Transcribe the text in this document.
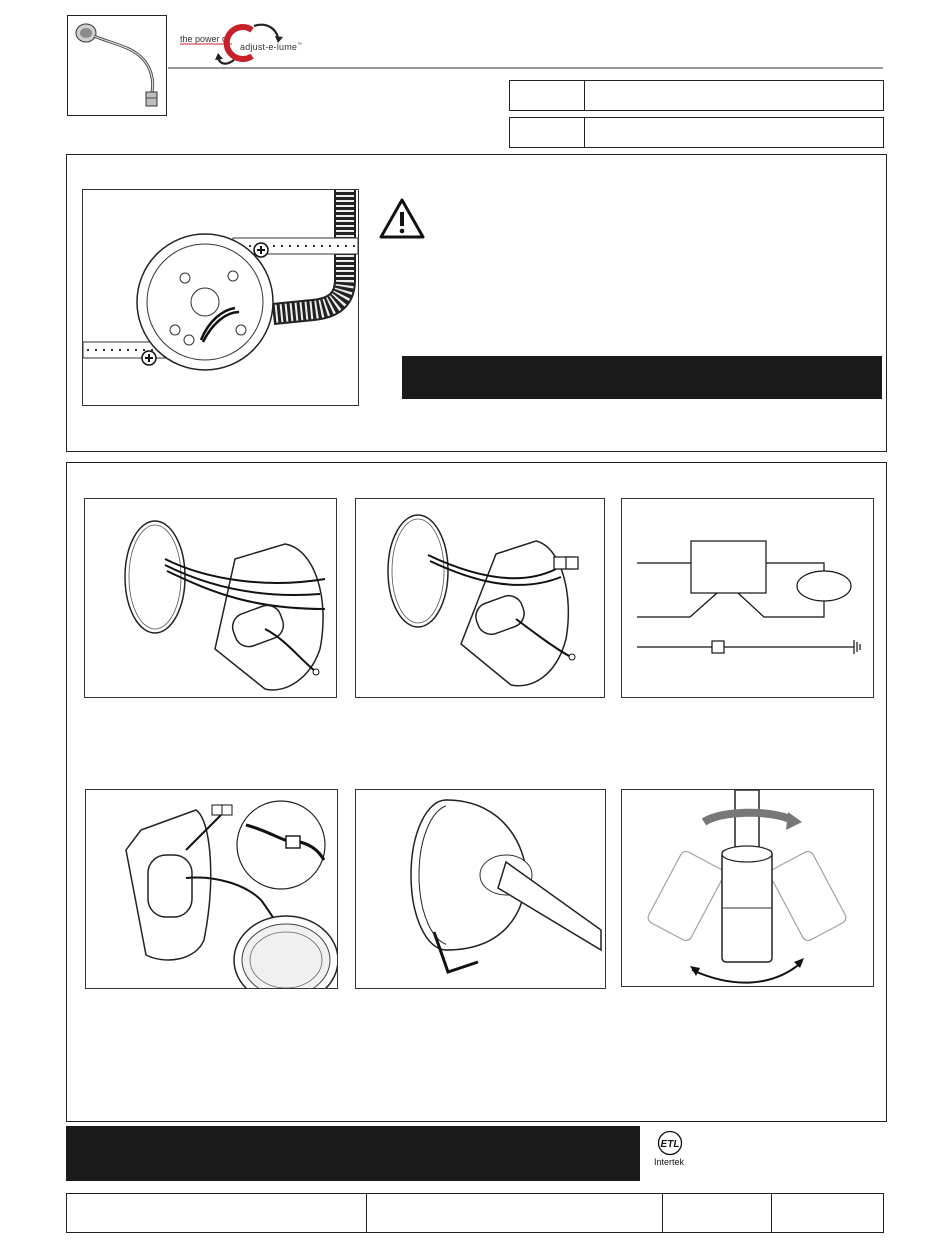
the power of
adjust-e-lume™
ETL
Intertek
